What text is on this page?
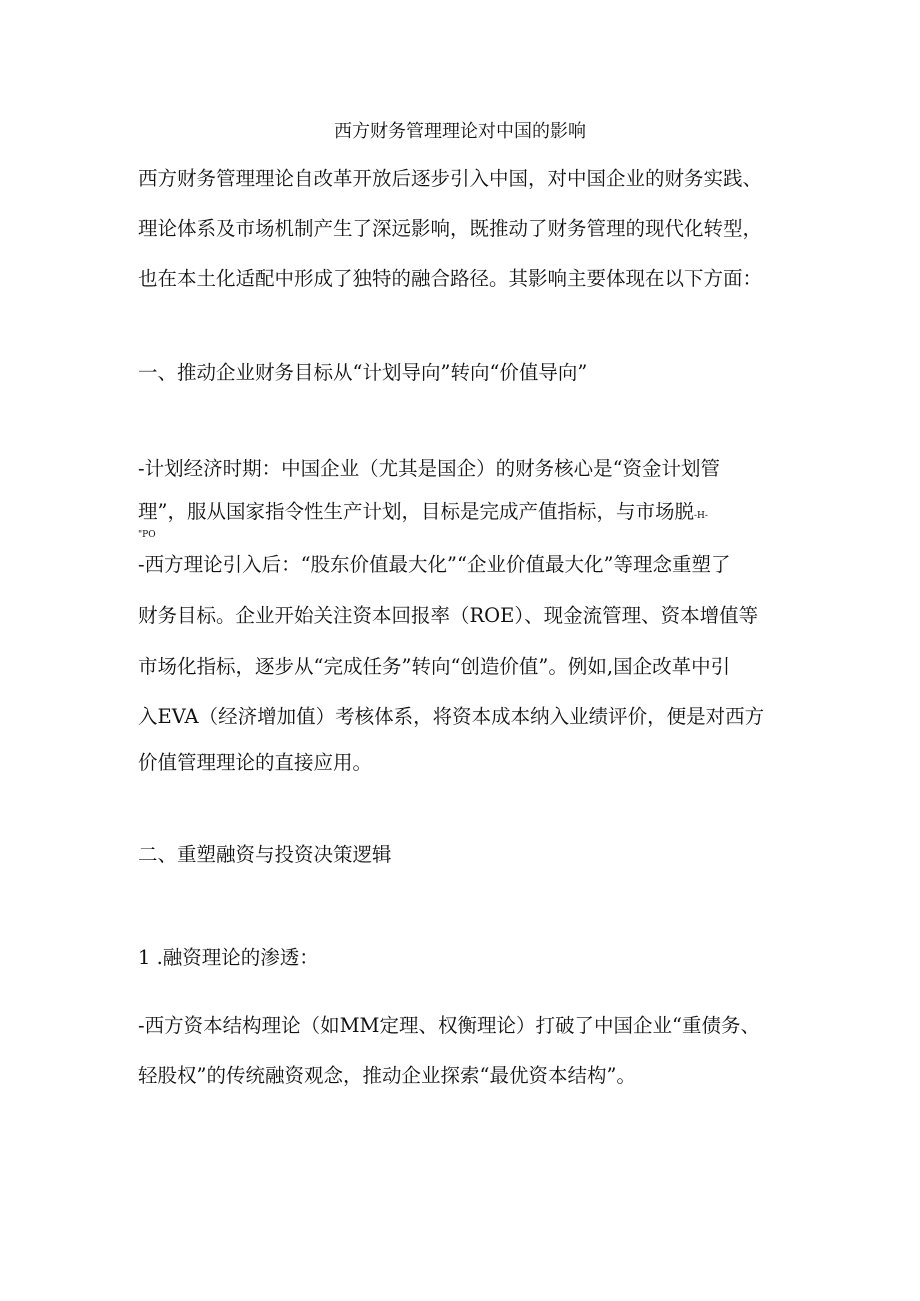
西方财务管理理论对中国的影响
西方财务管理理论自改革开放后逐步引入中国，对中国企业的财务实践、
理论体系及市场机制产生了深远影响，既推动了财务管理的现代化转型，
也在本土化适配中形成了独特的融合路径。其影响主要体现在以下方面：
一、推动企业财务目标从“计划导向”转向“价值导向”
-计划经济时期：中国企业（尤其是国企）的财务核心是“资金计划管
理”，服从国家指令性生产计划，目标是完成产值指标，与市场脱-H-
"PO
-西方理论引入后：“股东价值最大化”“企业价值最大化”等理念重塑了
财务目标。企业开始关注资本回报率（ROE）、现金流管理、资本增值等
市场化指标，逐步从“完成任务”转向“创造价值”。例如,国企改革中引
入EVA（经济增加值）考核体系，将资本成本纳入业绩评价，便是对西方
价值管理理论的直接应用。
二、重塑融资与投资决策逻辑
1 .融资理论的渗透：
-西方资本结构理论（如MM定理、权衡理论）打破了中国企业“重债务、
轻股权”的传统融资观念，推动企业探索“最优资本结构”。
